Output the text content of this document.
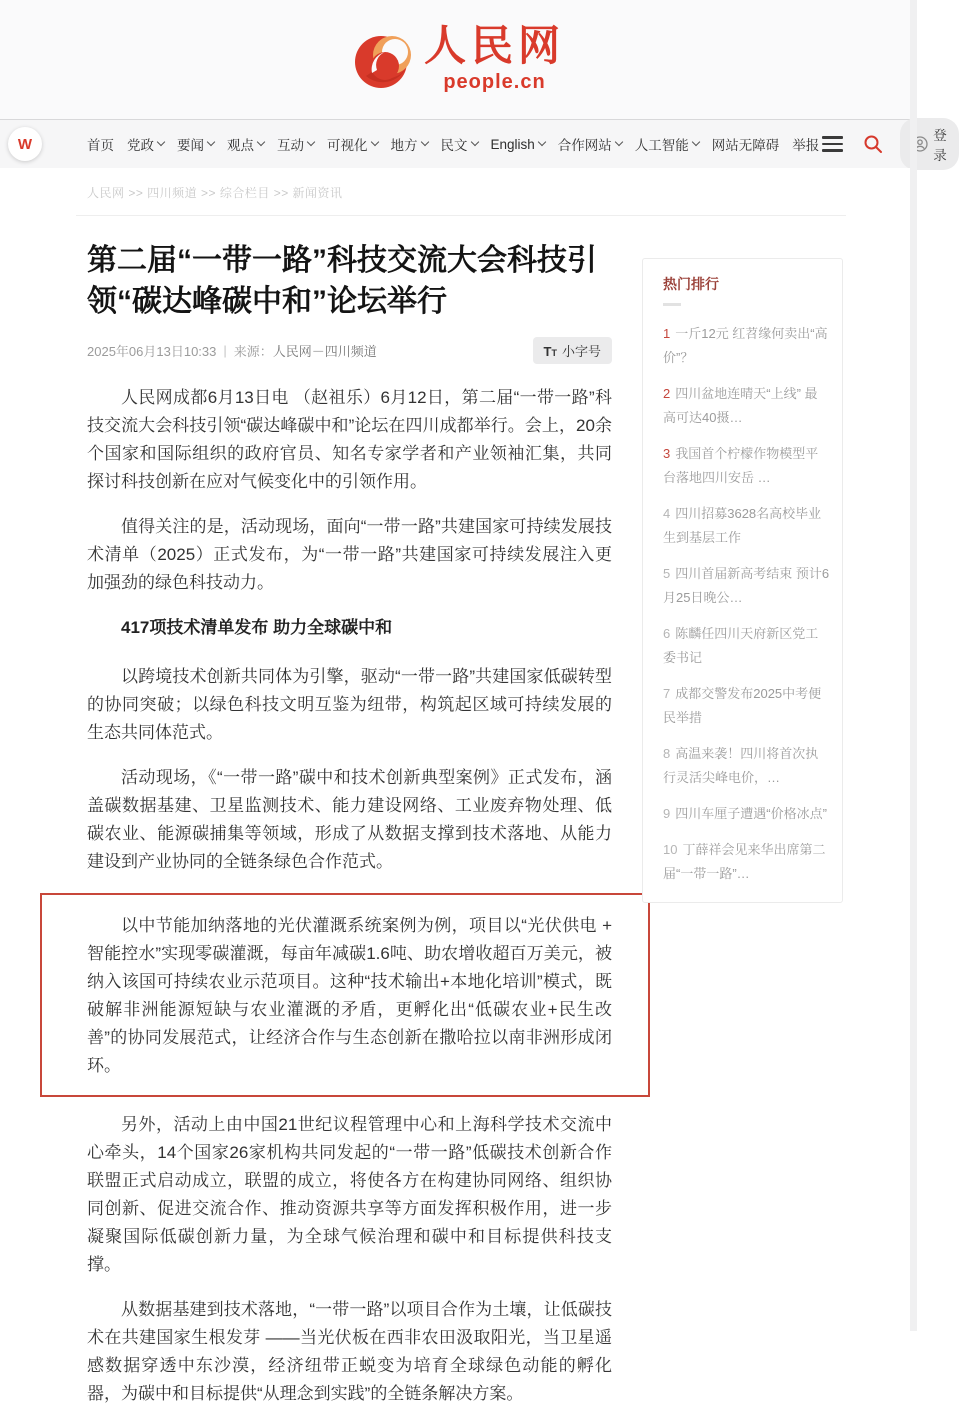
人民网
people.cn
W	首页 党政 要闻 观点 互动 可视化 地方 民文 English 合作网站 人工智能 网站无障碍 举报
登录
人民网 >> 四川频道 >> 综合栏目 >> 新闻资讯
第二届“一带一路”科技交流大会科技引领“碳达峰碳中和”论坛举行
2025年06月13日10:33 | 来源： 人民网－四川频道	TT 小字号

人民网成都6月13日电 （赵祖乐）6月12日，第二届“一带一路”科技交流大会科技引领“碳达峰碳中和”论坛在四川成都举行。会上，20余个国家和国际组织的政府官员、知名专家学者和产业领袖汇集，共同探讨科技创新在应对气候变化中的引领作用。

值得关注的是，活动现场，面向“一带一路”共建国家可持续发展技术清单（2025）正式发布，为“一带一路”共建国家可持续发展注入更加强劲的绿色科技动力。

417项技术清单发布 助力全球碳中和

以跨境技术创新共同体为引擎，驱动“一带一路”共建国家低碳转型的协同突破；以绿色科技文明互鉴为纽带，构筑起区域可持续发展的生态共同体范式。

活动现场，《“一带一路”碳中和技术创新典型案例》正式发布，涵盖碳数据基建、卫星监测技术、能力建设网络、工业废弃物处理、低碳农业、能源碳捕集等领域，形成了从数据支撑到技术落地、从能力建设到产业协同的全链条绿色合作范式。

以中节能加纳落地的光伏灌溉系统案例为例，项目以“光伏供电 + 智能控水”实现零碳灌溉，每亩年减碳1.6吨、助农增收超百万美元，被纳入该国可持续农业示范项目。这种“技术输出+本地化培训”模式，既破解非洲能源短缺与农业灌溉的矛盾，更孵化出“低碳农业+民生改善”的协同发展范式，让经济合作与生态创新在撒哈拉以南非洲形成闭环。

另外，活动上由中国21世纪议程管理中心和上海科学技术交流中心牵头，14个国家26家机构共同发起的“一带一路”低碳技术创新合作联盟正式启动成立，联盟的成立，将使各方在构建协同网络、组织协同创新、促进交流合作、推动资源共享等方面发挥积极作用，进一步凝聚国际低碳创新力量，为全球气候治理和碳中和目标提供科技支撑。

从数据基建到技术落地，“一带一路”以项目合作为土壤，让低碳技术在共建国家生根发芽 ——当光伏板在西非农田汲取阳光，当卫星遥感数据穿透中东沙漠，经济纽带正蜕变为培育全球绿色动能的孵化器，为碳中和目标提供“从理念到实践”的全链条解决方案。

热门排行
1 一斤12元 红苕缘何卖出“高价”？
2 四川盆地连晴天“上线” 最高可达40摄…
3 我国首个柠檬作物模型平台落地四川安岳 …
4 四川招募3628名高校毕业生到基层工作
5 四川首届新高考结束 预计6月25日晚公…
6 陈麟任四川天府新区党工委书记
7 成都交警发布2025中考便民举措
8 高温来袭！四川将首次执行灵活尖峰电价，…
9 四川车厘子遭遇“价格冰点”
10 丁薛祥会见来华出席第二届“一带一路”…
